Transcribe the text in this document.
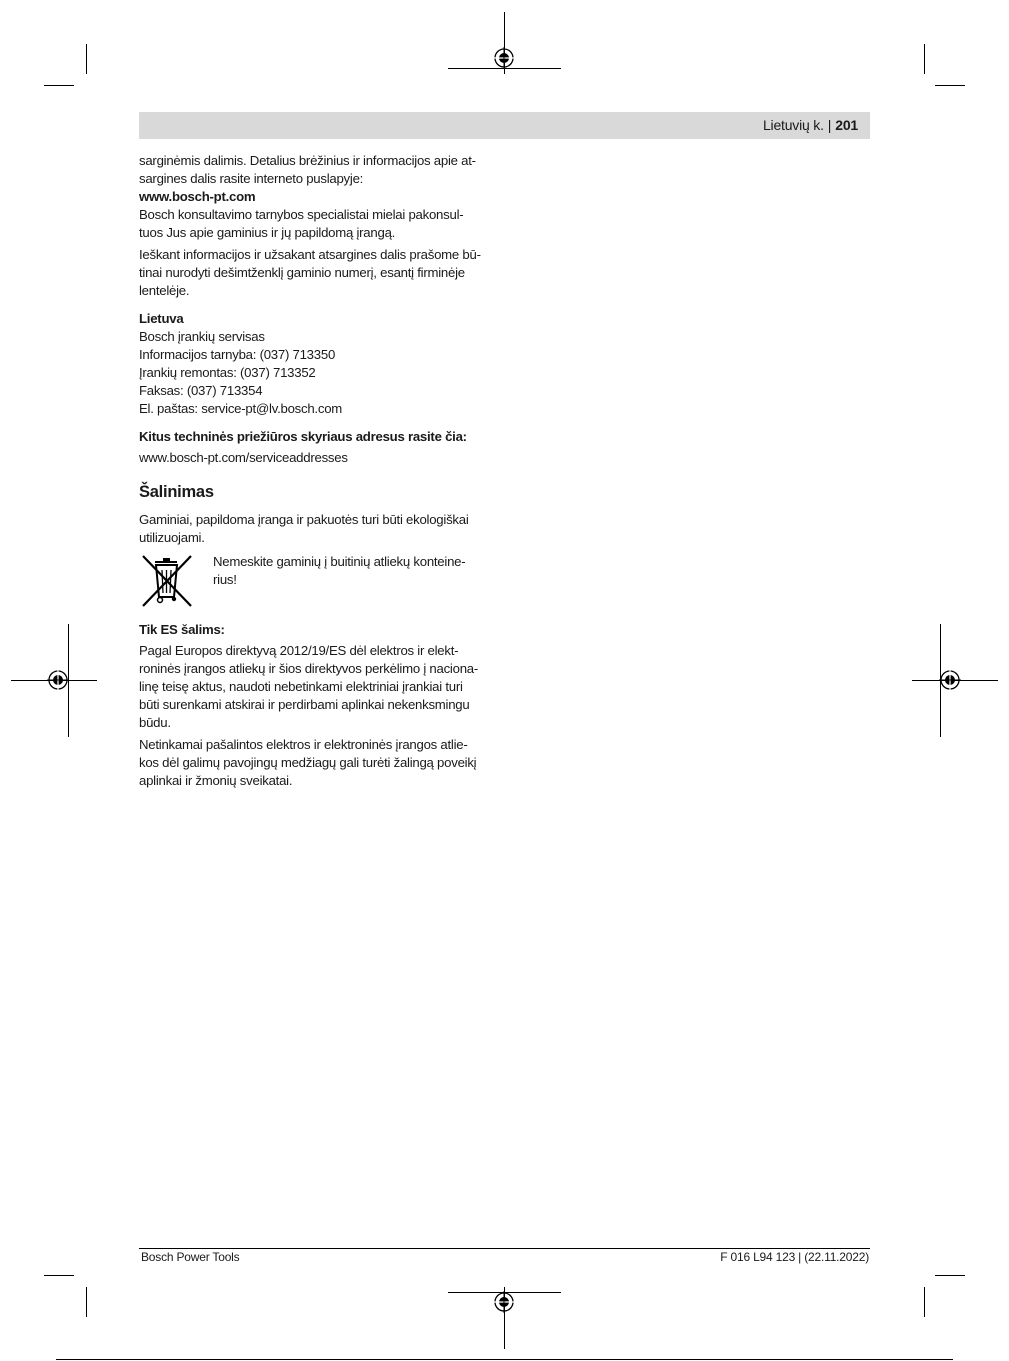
Lietuvių k. | 201

sarginėmis dalimis. Detalius brėžinius ir informacijos apie at-
sargines dalis rasite interneto puslapyje:
www.bosch-pt.com

Bosch konsultavimo tarnybos specialistai mielai pakonsul-
tuos Jus apie gaminius ir jų papildomą įrangą.

Ieškant informacijos ir užsakant atsargines dalis prašome bū-
tinai nurodyti dešimtženklį gaminio numerį, esantį firminėje
lentelėje.

Lietuva

Bosch įrankių servisas
Informacijos tarnyba: (037) 713350
Įrankių remontas: (037) 713352
Faksas: (037) 713354
El. paštas: service-pt@lv.bosch.com

Kitus techninės priežiūros skyriaus adresus rasite čia:

www.bosch-pt.com/serviceaddresses

Šalinimas

Gaminiai, papildoma įranga ir pakuotės turi būti ekologiškai
utilizuojami.

Nemeskite gaminių į buitinių atliekų konteine-
rius!

Tik ES šalims:

Pagal Europos direktyvą 2012/19/ES dėl elektros ir elekt-
roninės įrangos atliekų ir šios direktyvos perkėlimo į naciona-
linę teisę aktus, naudoti nebetinkami elektriniai įrankiai turi
būti surenkami atskirai ir perdirbami aplinkai nekenksmingu
būdu.

Netinkamai pašalintos elektros ir elektroninės įrangos atlie-
kos dėl galimų pavojingų medžiagų gali turėti žalingą poveikį
aplinkai ir žmonių sveikatai.

Bosch Power Tools	F 016 L94 123 | (22.11.2022)
